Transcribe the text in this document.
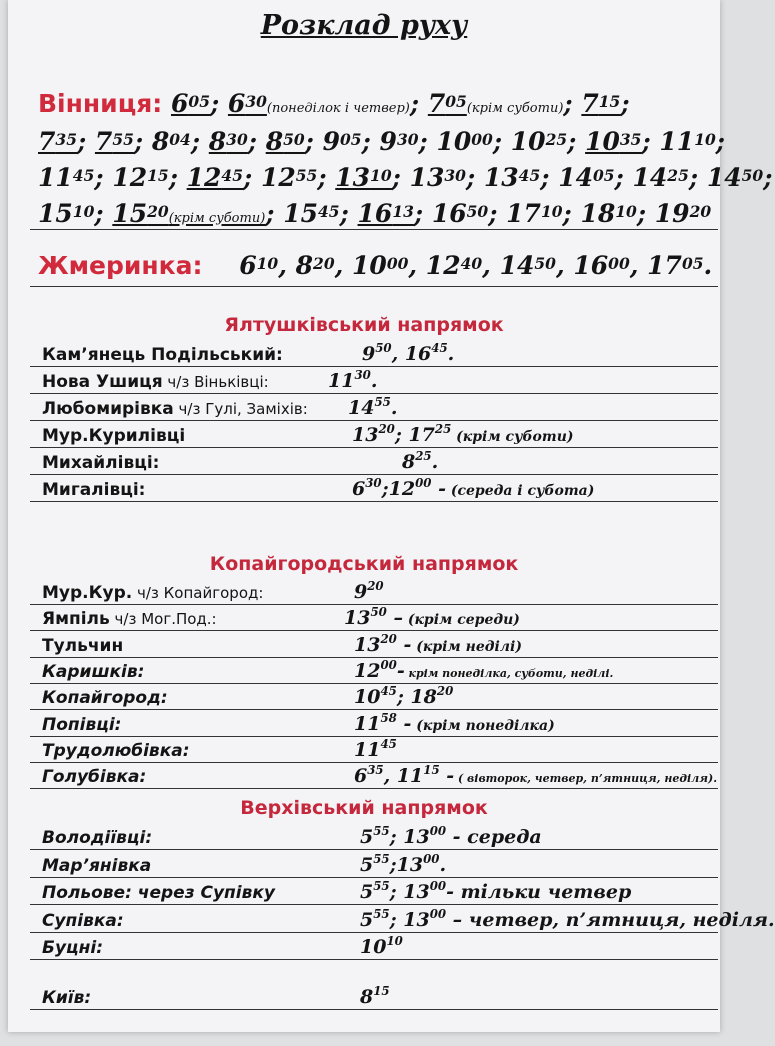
Розклад руху
Вінниця: $6^{05}$; $6^{30}(понеділок$ і четвер); $7^{05}(крім$ суботи); $7^{15}$;
$7^{35}$; $7^{55}$; $8^{04}$; $8^{30}$; $8^{50}$; $9^{05}$; $9^{30}$; $10^{00}$; $10^{25}$; $10^{35}$; $11^{10}$;
$11^{45}$; $12^{15}$; $12^{45}$; $12^{55}$; $13^{10}$; $13^{30}$; $13^{45}$; $14^{05}$; $14^{25}$; $14^{50}$;
$15^{10}$; $15^{20}(крім$ суботи); $15^{45}$; $16^{13}$; $16^{50}$; $17^{10}$; $18^{10}$; $19^{20}$
Жмеринка: $6^{10}$, $8^{20}$, $10^{00}$, $12^{40}$, $14^{50}$, $16^{00}$, $17^{05}$.
Ялтушківський напрямок
Кам’янець Подільський:	$9^{50}$, $16^{45}$.
Нова Ушиця ч/з Віньківці:	$11^{30}$.
Любомирівка ч/з Гулі, Заміхів: $14^{55}$.
Мур.Курилівці	$13^{20}$; $17^{25}$ (крім суботи)
Михайлівці:	$8^{25}$.
Мигалівці:	$6^{30};12^{00}$ - (середа і субота)
Копайгородський напрямок
Мур.Кур. ч/з Копайгород:	$9^{20}$
Ямпіль ч/з Мог.Под.:	$13^{50}$ – (крім середи)
Тульчин	$13^{20}$ - (крім неділі)
Каришків:	$12^{00}-$ крім понеділка, суботи, неділі.
Копайгород:	$10^{45}$; $18^{20}$
Попівці:	$11^{58}$ - (крім понеділка)
Трудолюбівка:	$11^{45}$
Голубівка:	$6^{35}$, $11^{15}$ - ( вівторок, четвер, п’ятниця, неділя).
Верхівський напрямок
Володіївці:	$5^{55}$; $13^{00}$ - середа
Мар’янівка	$5^{55};13^{00}$.
Польове: через Супівку	$5^{55}$; $13^{00}-$ тільки четвер
Супівка:	$5^{55}$; $13^{00}$ – четвер, п’ятниця, неділя.
Буцні:	$10^{10}$
Київ:	$8^{15}$
